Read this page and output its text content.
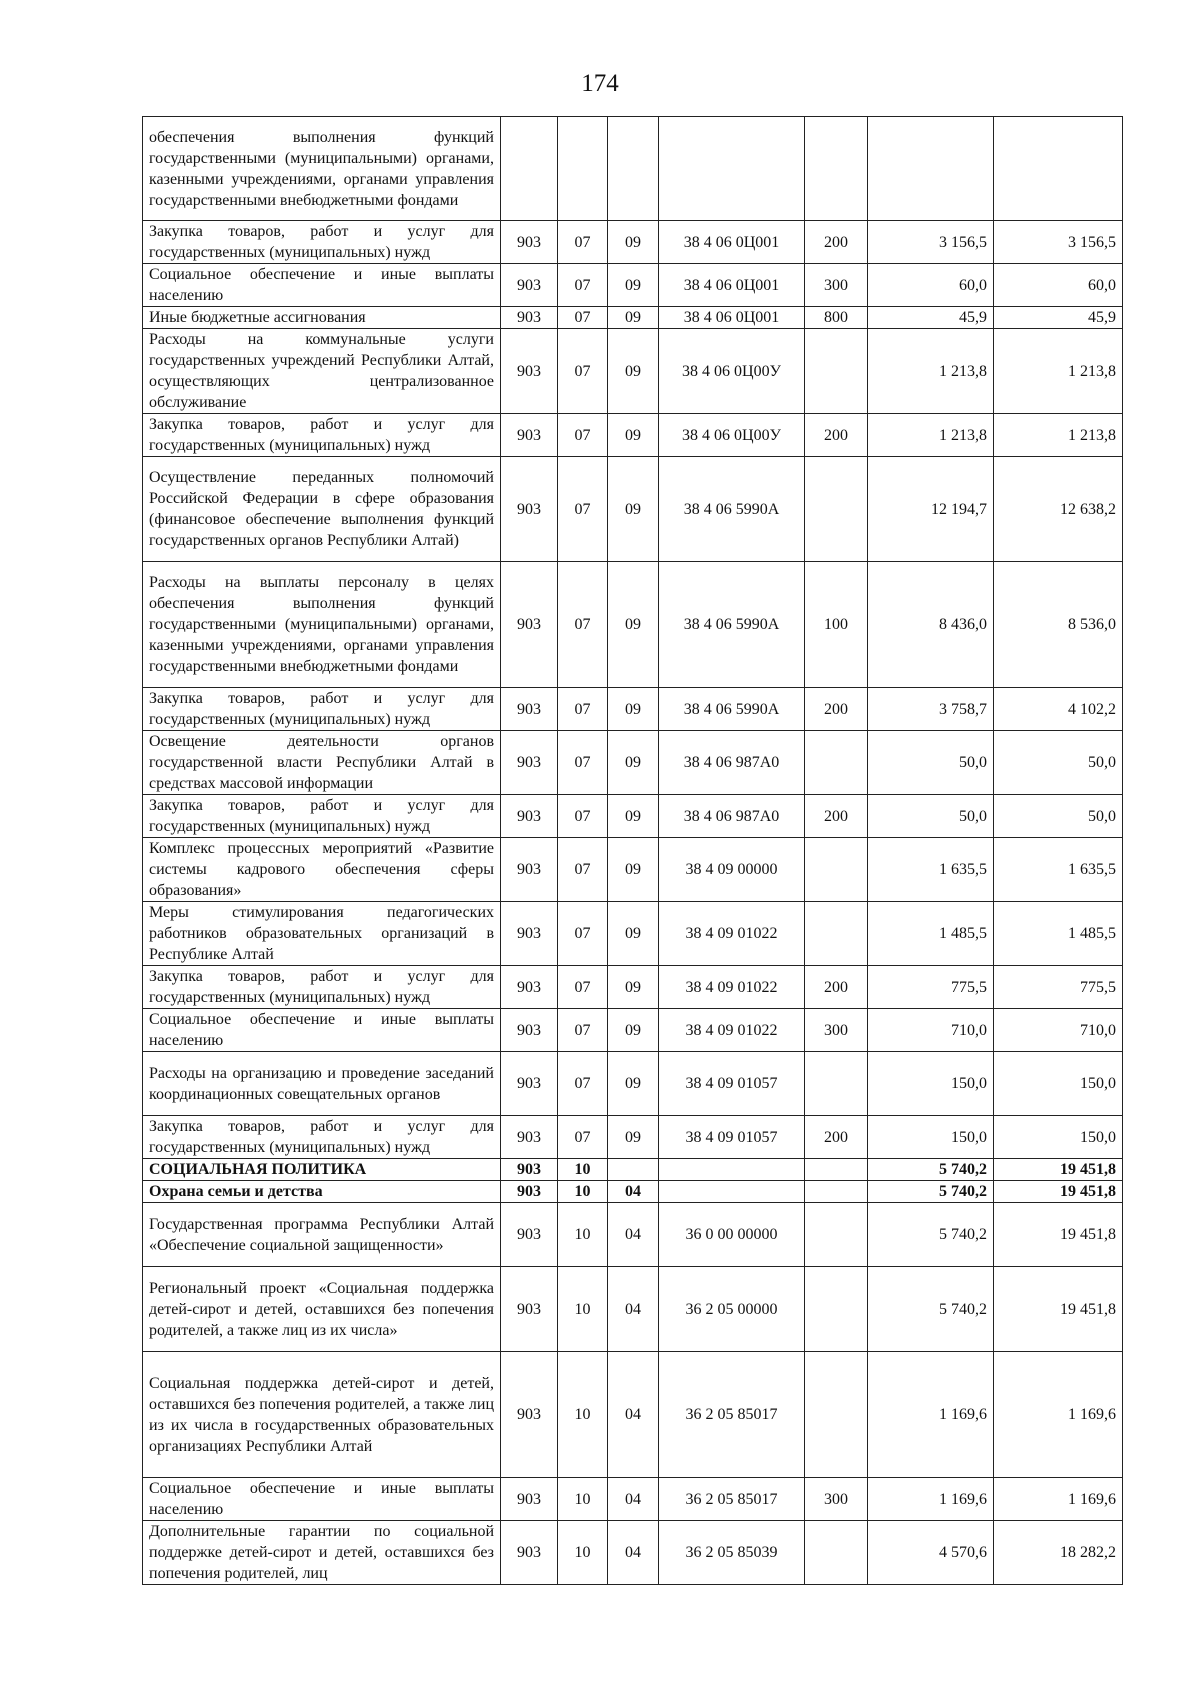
174
обеспечения выполнения функций государственными (муниципальными) органами, казенными учреждениями, органами управления государственными внебюджетными фондами							
Закупка товаров, работ и услуг для государственных (муниципальных) нужд	903	07	09	38 4 06 0Ц001	200	3 156,5	3 156,5
Социальное обеспечение и иные выплаты населению	903	07	09	38 4 06 0Ц001	300	60,0	60,0
Иные бюджетные ассигнования	903	07	09	38 4 06 0Ц001	800	45,9	45,9
Расходы на коммунальные услуги государственных учреждений Республики Алтай, осуществляющих централизованное обслуживание	903	07	09	38 4 06 0Ц00У		1 213,8	1 213,8
Закупка товаров, работ и услуг для государственных (муниципальных) нужд	903	07	09	38 4 06 0Ц00У	200	1 213,8	1 213,8
Осуществление переданных полномочий Российской Федерации в сфере образования (финансовое обеспечение выполнения функций государственных органов Республики Алтай)	903	07	09	38 4 06 5990А		12 194,7	12 638,2
Расходы на выплаты персоналу в целях обеспечения выполнения функций государственными (муниципальными) органами, казенными учреждениями, органами управления государственными внебюджетными фондами	903	07	09	38 4 06 5990А	100	8 436,0	8 536,0
Закупка товаров, работ и услуг для государственных (муниципальных) нужд	903	07	09	38 4 06 5990А	200	3 758,7	4 102,2
Освещение деятельности органов государственной власти Республики Алтай в средствах массовой информации	903	07	09	38 4 06 987А0		50,0	50,0
Закупка товаров, работ и услуг для государственных (муниципальных) нужд	903	07	09	38 4 06 987А0	200	50,0	50,0
Комплекс процессных мероприятий «Развитие системы кадрового обеспечения сферы образования»	903	07	09	38 4 09 00000		1 635,5	1 635,5
Меры стимулирования педагогических работников образовательных организаций в Республике Алтай	903	07	09	38 4 09 01022		1 485,5	1 485,5
Закупка товаров, работ и услуг для государственных (муниципальных) нужд	903	07	09	38 4 09 01022	200	775,5	775,5
Социальное обеспечение и иные выплаты населению	903	07	09	38 4 09 01022	300	710,0	710,0
Расходы на организацию и проведение заседаний координационных совещательных органов	903	07	09	38 4 09 01057		150,0	150,0
Закупка товаров, работ и услуг для государственных (муниципальных) нужд	903	07	09	38 4 09 01057	200	150,0	150,0
СОЦИАЛЬНАЯ ПОЛИТИКА	903	10				5 740,2	19 451,8
Охрана семьи и детства	903	10	04			5 740,2	19 451,8
Государственная программа Республики Алтай «Обеспечение социальной защищенности»	903	10	04	36 0 00 00000		5 740,2	19 451,8
Региональный проект «Социальная поддержка детей-сирот и детей, оставшихся без попечения родителей, а также лиц из их числа»	903	10	04	36 2 05 00000		5 740,2	19 451,8
Социальная поддержка детей-сирот и детей, оставшихся без попечения родителей, а также лиц из их числа в государственных образовательных организациях Республики Алтай	903	10	04	36 2 05 85017		1 169,6	1 169,6
Социальное обеспечение и иные выплаты населению	903	10	04	36 2 05 85017	300	1 169,6	1 169,6
Дополнительные гарантии по социальной поддержке детей-сирот и детей, оставшихся без попечения родителей, лиц	903	10	04	36 2 05 85039		4 570,6	18 282,2
